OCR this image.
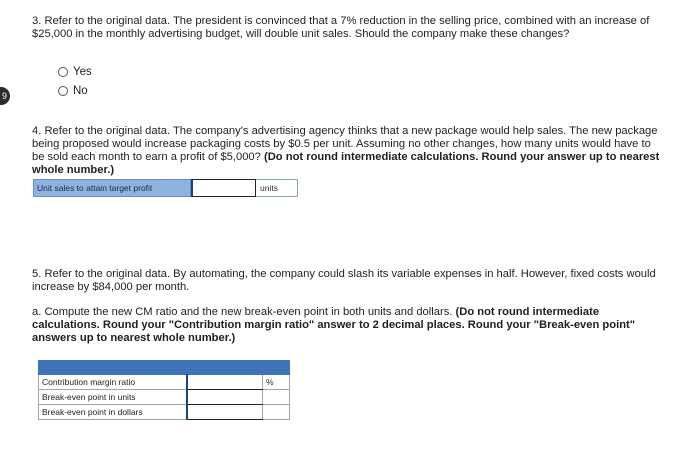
9
3. Refer to the original data. The president is convinced that a 7% reduction in the selling price, combined with an increase of $25,000 in the monthly advertising budget, will double unit sales. Should the company make these changes?
Yes
No
4. Refer to the original data. The company's advertising agency thinks that a new package would help sales. The new package being proposed would increase packaging costs by $0.5 per unit. Assuming no other changes, how many units would have to be sold each month to earn a profit of $5,000? (Do not round intermediate calculations. Round your answer up to nearest whole number.)
Unit sales to attain target profit	units
5. Refer to the original data. By automating, the company could slash its variable expenses in half. However, fixed costs would increase by $84,000 per month.
a. Compute the new CM ratio and the new break-even point in both units and dollars. (Do not round intermediate calculations. Round your "Contribution margin ratio" answer to 2 decimal places. Round your "Break-even point" answers up to nearest whole number.)

Contribution margin ratio		%
Break-even point in units		
Break-even point in dollars		
